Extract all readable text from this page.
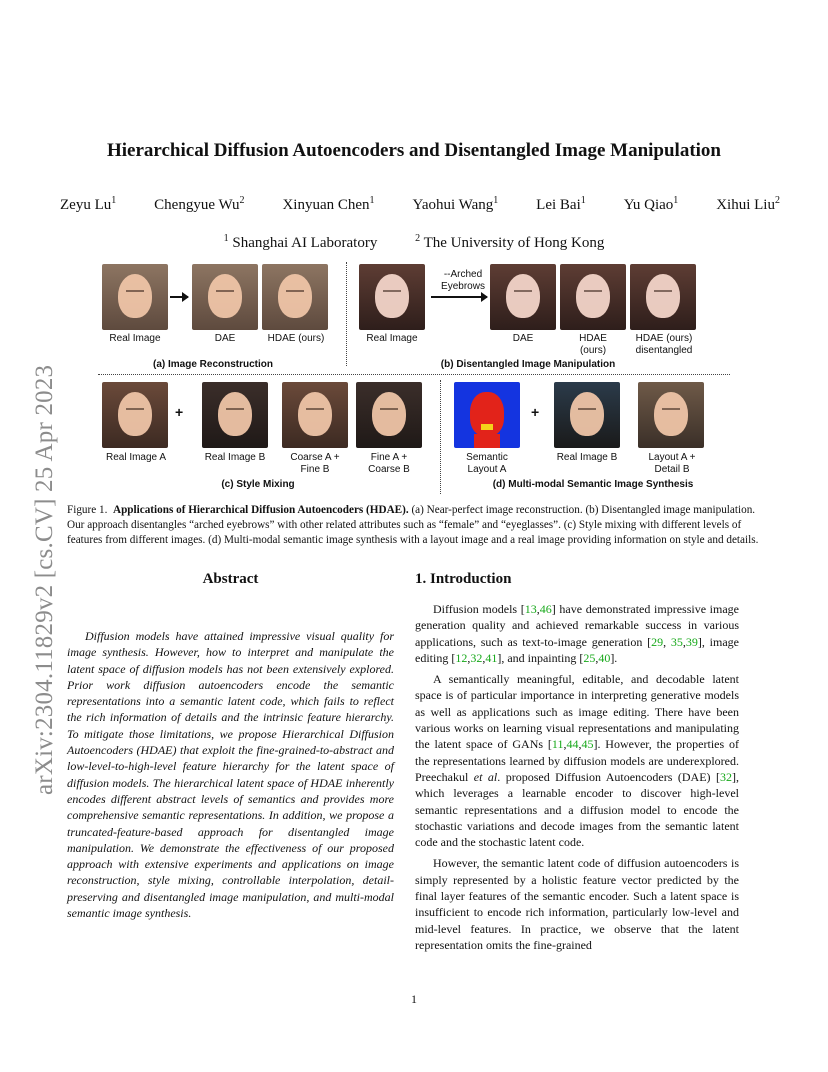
arXiv:2304.11829v2 [cs.CV] 25 Apr 2023
Hierarchical Diffusion Autoencoders and Disentangled Image Manipulation
Zeyu Lu$^1$	Chengyue Wu$^2$	Xinyuan Chen$^1$	Yaohui Wang$^1$	Lei Bai$^1$	Yu Qiao$^1$	Xihui Liu$^2$
$^1$ Shanghai AI Laboratory	$^2$ The University of Hong Kong
Real Image	DAE	HDAE (ours)
(a) Image Reconstruction
--Arched
Eyebrows
Real Image	DAE	HDAE
(ours)
HDAE (ours)
disentangled
(b) Disentangled Image Manipulation
+
Real Image A	Real Image B	Coarse A +
Fine B
Fine A +
Coarse B
(c) Style Mixing
+
Semantic
Layout A
Real Image B	Layout A +
Detail B
(d) Multi-modal Semantic Image Synthesis
Figure 1. Applications of Hierarchical Diffusion Autoencoders (HDAE). (a) Near-perfect image reconstruction. (b) Disentangled image manipulation. Our approach disentangles “arched eyebrows” with other related attributes such as “female” and “eyeglasses”. (c) Style mixing with different levels of features from different images. (d) Multi-modal semantic image synthesis with a layout image and a real image providing information on style and details.
Abstract
Diffusion models have attained impressive visual quality for image synthesis. However, how to interpret and manipulate the latent space of diffusion models has not been extensively explored. Prior work diffusion autoencoders encode the semantic representations into a semantic latent code, which fails to reflect the rich information of details and the intrinsic feature hierarchy. To mitigate those limitations, we propose Hierarchical Diffusion Autoencoders (HDAE) that exploit the fine-grained-to-abstract and low-level-to-high-level feature hierarchy for the latent space of diffusion models. The hierarchical latent space of HDAE inherently encodes different abstract levels of semantics and provides more comprehensive semantic representations. In addition, we propose a truncated-feature-based approach for disentangled image manipulation. We demonstrate the effectiveness of our proposed approach with extensive experiments and applications on image reconstruction, style mixing, controllable interpolation, detail-preserving and disentangled image manipulation, and multi-modal semantic image synthesis.
1. Introduction

Diffusion models [13,46] have demonstrated impressive image generation quality and achieved remarkable success in various applications, such as text-to-image generation [29, 35,39], image editing [12,32,41], and inpainting [25,40].

A semantically meaningful, editable, and decodable latent space is of particular importance in interpreting generative models as well as applications such as image editing. There have been various works on learning visual representations and manipulating the latent space of GANs [11,44,45]. However, the properties of the representations learned by diffusion models are underexplored. Preechakul et al. proposed Diffusion Autoencoders (DAE) [32], which leverages a learnable encoder to discover high-level semantic representations and a diffusion model to encode the stochastic variations and decode images from the semantic latent code and the stochastic latent code.

However, the semantic latent code of diffusion autoencoders is simply represented by a holistic feature vector predicted by the final layer features of the semantic encoder. Such a latent space is insufficient to encode rich information, particularly low-level and mid-level features. In practice, we observe that the latent representation omits the fine-grained

1
